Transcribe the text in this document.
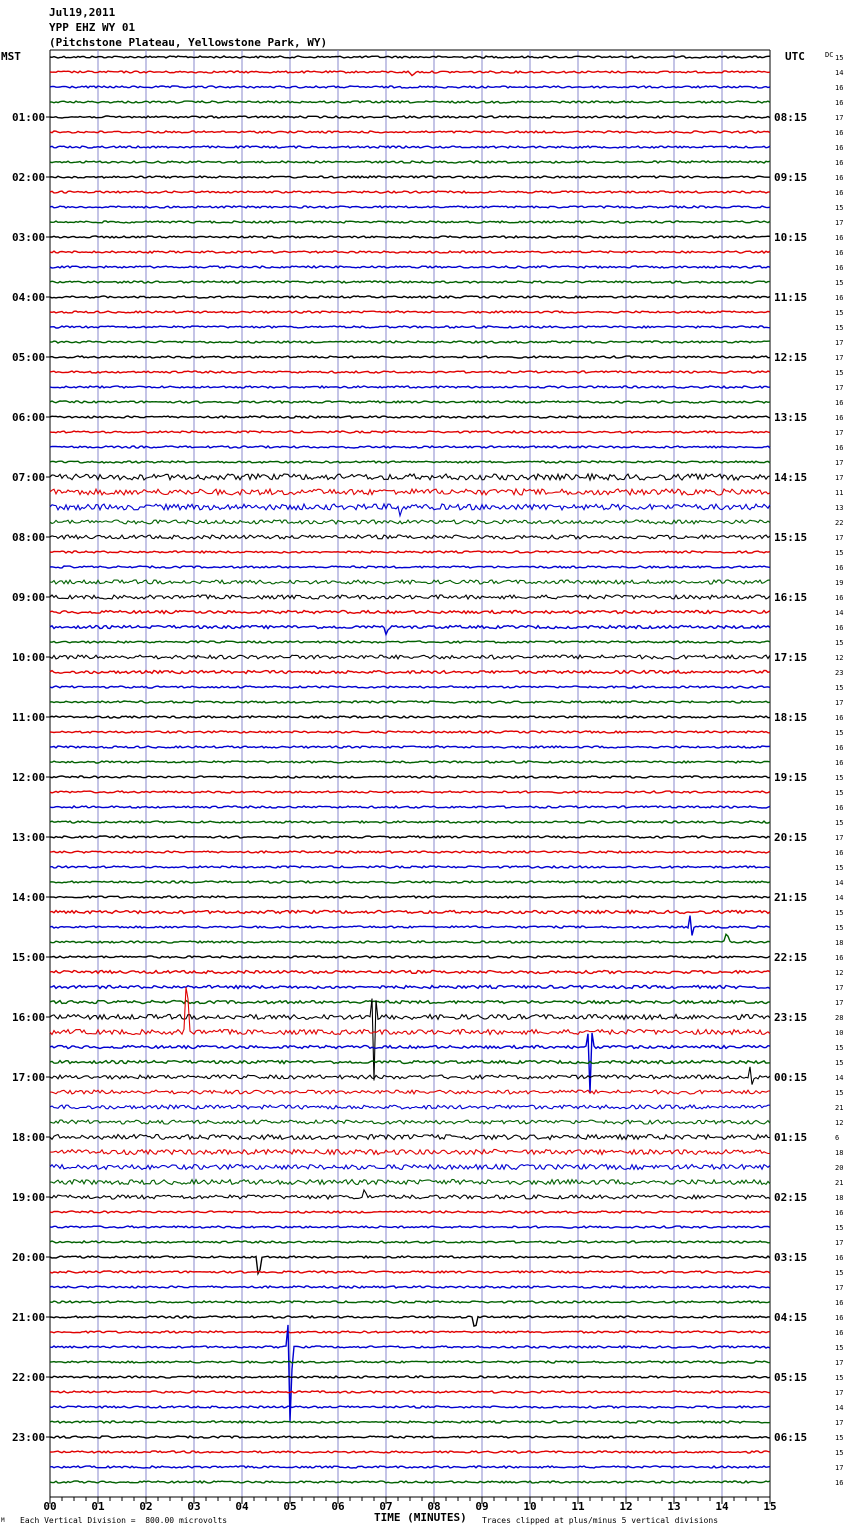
Jul19,2011
YPP EHZ WY 01
(Pitchstone Plateau, Yellowstone Park, WY)
MST	UTC	15
14
16
16
17
16
16
16
16
16
15
17
16
16
16
15
16
15
15
17
17
15
17
16
16
17
16
17
17
11
13
22
17
15
16
19
16
14
16
15
12
23
15
17
16
15
16
16
15
15
16
15
17
16
15
14
14
15
15
18
16
12
17
17
28
10
15
15
14
15
21
12
6
18
20
21
18
16
15
17
16
15
17
16
16
16
15
17
15
17
14
17
15
15
17
16
DC
01:00
02:00
03:00
04:00
05:00
06:00
07:00
08:00
09:00
10:00
11:00
12:00
13:00
14:00
15:00
16:00
17:00
18:00
19:00
20:00
21:00
22:00
23:00
08:15
09:15
10:15
11:15
12:15
13:15
14:15
15:15
16:15
17:15
18:15
19:15
20:15
21:15
22:15
23:15
00:15
01:15
02:15
03:15
04:15
05:15
06:15
00	01	02	03	04	05	06	07	08	09	10	11	12	13	14	15
TIME (MINUTES)
M Each Vertical Division =  800.00 microvolts	Traces clipped at plus/minus 5 vertical divisions
